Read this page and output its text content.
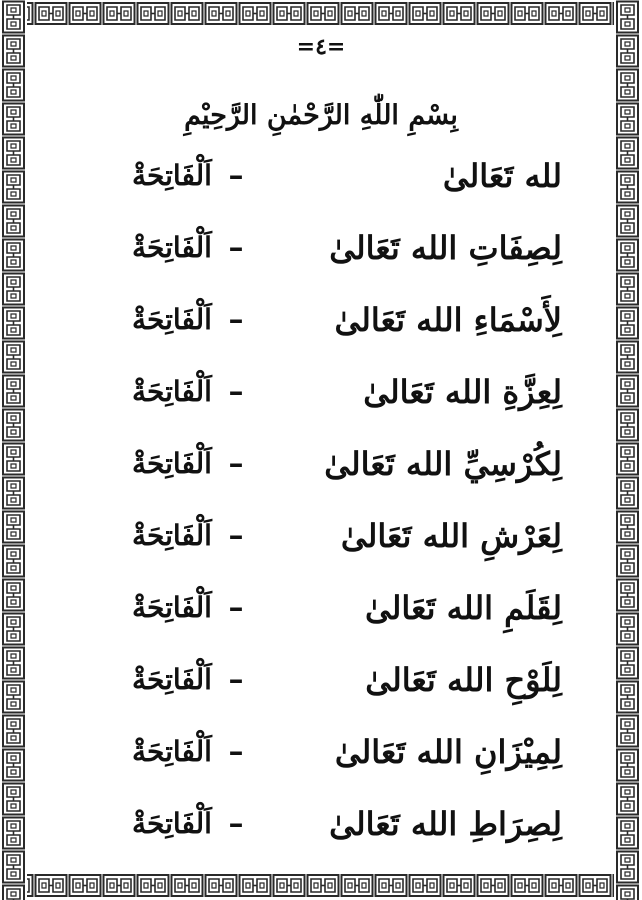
=٤=
بِسْمِ اللّٰهِ الرَّحْمٰنِ الرَّحِيْمِ
لله تَعَالىٰ
–
اَلْفَاتِحَةْ
لِصِفَاتِ الله تَعَالىٰ
–
اَلْفَاتِحَةْ
لِأَسْمَاءِ الله تَعَالىٰ
–
اَلْفَاتِحَةْ
لِعِزَّةِ الله تَعَالىٰ
–
اَلْفَاتِحَةْ
لِكُرْسِيِّ الله تَعَالىٰ
–
اَلْفَاتِحَةْ
لِعَرْشِ الله تَعَالىٰ
–
اَلْفَاتِحَةْ
لِقَلَمِ الله تَعَالىٰ
–
اَلْفَاتِحَةْ
لِلَوْحِ الله تَعَالىٰ
–
اَلْفَاتِحَةْ
لِمِيْزَانِ الله تَعَالىٰ
–
اَلْفَاتِحَةْ
لِصِرَاطِ الله تَعَالىٰ
–
اَلْفَاتِحَةْ
